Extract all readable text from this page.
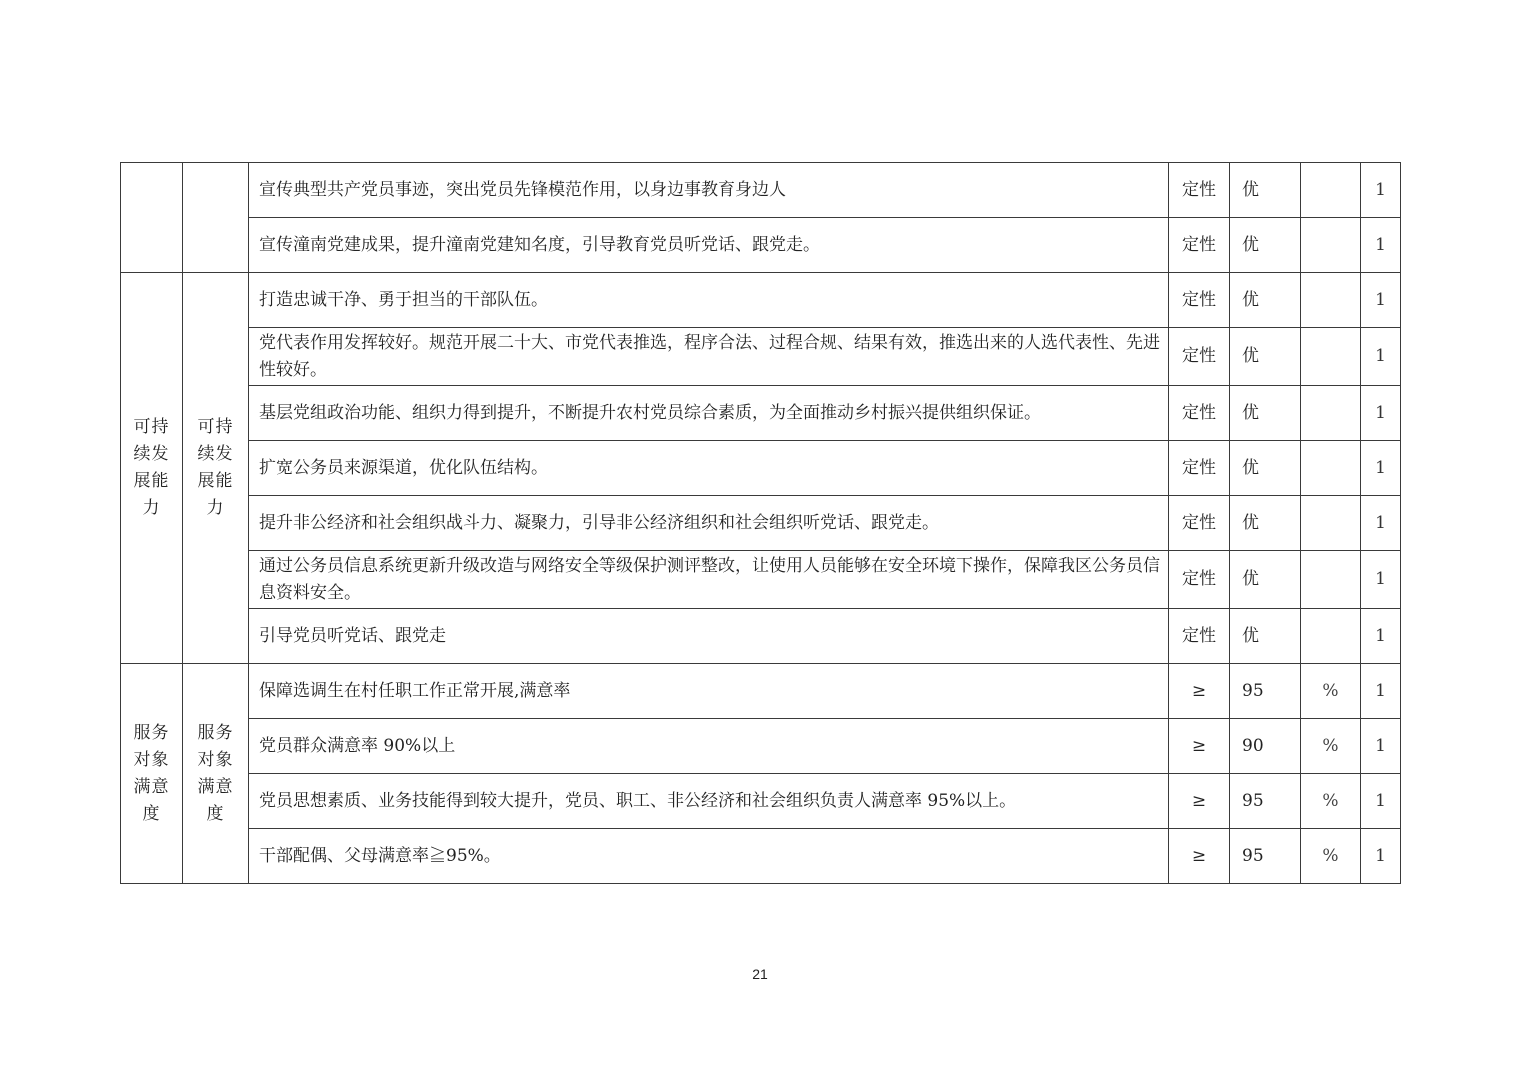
		宣传典型共产党员事迹，突出党员先锋模范作用，以身边事教育身边人	定性	优		1
		宣传潼南党建成果，提升潼南党建知名度，引导教育党员听党话、跟党走。	定性	优		1
可持续发展能力	可持续发展能力	打造忠诚干净、勇于担当的干部队伍。	定性	优		1
		党代表作用发挥较好。规范开展二十大、市党代表推选，程序合法、过程合规、结果有效，推选出来的人选代表性、先进性较好。	定性	优		1
		基层党组政治功能、组织力得到提升，不断提升农村党员综合素质，为全面推动乡村振兴提供组织保证。	定性	优		1
		扩宽公务员来源渠道，优化队伍结构。	定性	优		1
		提升非公经济和社会组织战斗力、凝聚力，引导非公经济组织和社会组织听党话、跟党走。	定性	优		1
		通过公务员信息系统更新升级改造与网络安全等级保护测评整改，让使用人员能够在安全环境下操作，保障我区公务员信息资料安全。	定性	优		1
		引导党员听党话、跟党走	定性	优		1
服务对象满意度	服务对象满意度	保障选调生在村任职工作正常开展,满意率	≥	95	%	1
		党员群众满意率 90%以上	≥	90	%	1
		党员思想素质、业务技能得到较大提升，党员、职工、非公经济和社会组织负责人满意率 95%以上。	≥	95	%	1
		干部配偶、父母满意率≧95%。	≥	95	%	1
21
